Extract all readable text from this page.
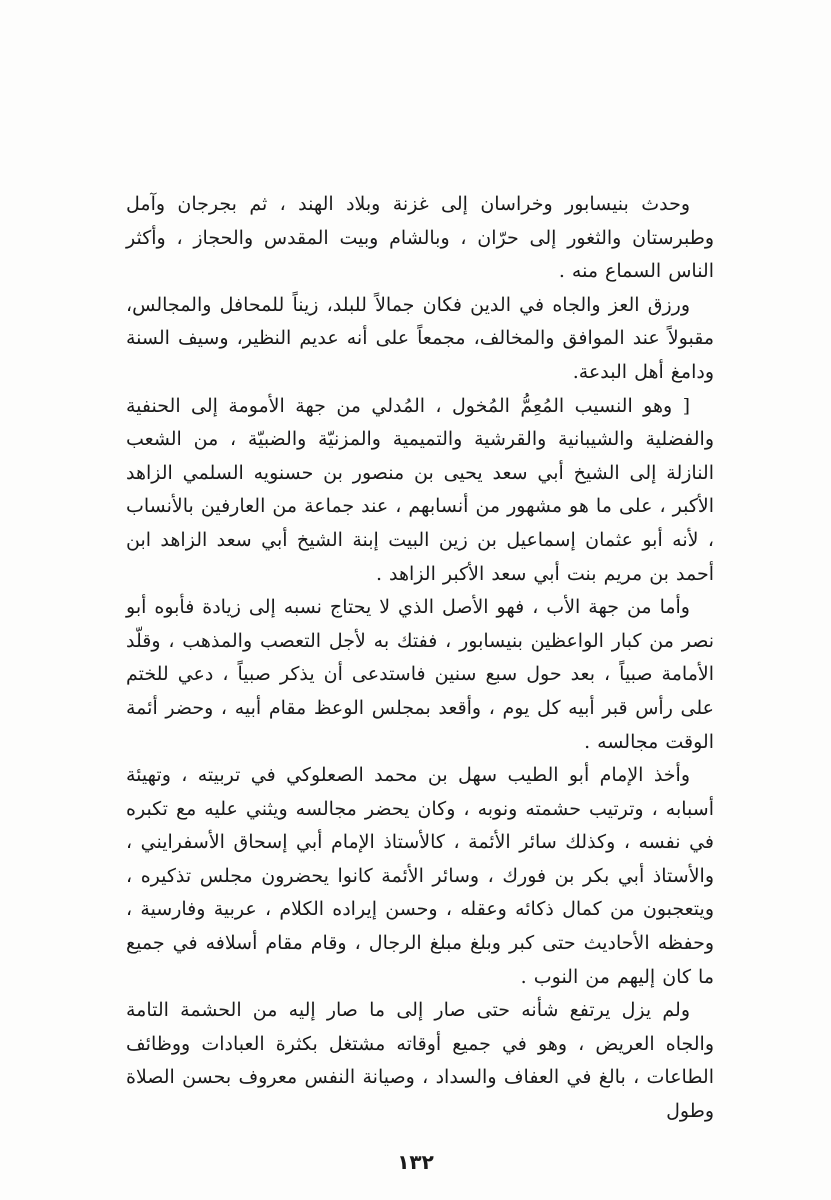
وحدث بنيسابور وخراسان إلى غزنة وبلاد الهند ، ثم بجرجان وآمل وطبرستان والثغور إلى حرّان ، وبالشام وبيت المقدس والحجاز ، وأكثر الناس السماع منه .

ورزق العز والجاه في الدين فكان جمالاً للبلد، زيناً للمحافل والمجالس، مقبولاً عند الموافق والمخالف، مجمعاً على أنه عديم النظير، وسيف السنة ودامغ أهل البدعة.

[ وهو النسيب المُعِمُّ المُخول ، المُدلي من جهة الأمومة إلى الحنفية والفضلية والشيبانية والقرشية والتميمية والمزنيّة والضبيّة ، من الشعب النازلة إلى الشيخ أبي سعد يحيى بن منصور بن حسنويه السلمي الزاهد الأكبر ، على ما هو مشهور من أنسابهم ، عند جماعة من العارفين بالأنساب ، لأنه أبو عثمان إسماعيل بن زين البيت إبنة الشيخ أبي سعد الزاهد ابن أحمد بن مريم بنت أبي سعد الأكبر الزاهد .

وأما من جهة الأب ، فهو الأصل الذي لا يحتاج نسبه إلى زيادة فأبوه أبو نصر من كبار الواعظين بنيسابور ، ففتك به لأجل التعصب والمذهب ، وقلّد الأمامة صبياً ، بعد حول سبع سنين فاستدعى أن يذكر صبياً ، دعي للختم على رأس قبر أبيه كل يوم ، وأقعد بمجلس الوعظ مقام أبيه ، وحضر أئمة الوقت مجالسه .

وأخذ الإمام أبو الطيب سهل بن محمد الصعلوكي في تربيته ، وتهيئة أسبابه ، وترتيب حشمته ونوبه ، وكان يحضر مجالسه ويثني عليه مع تكبره في نفسه ، وكذلك سائر الأئمة ، كالأستاذ الإمام أبي إسحاق الأسفرايني ، والأستاذ أبي بكر بن فورك ، وسائر الأئمة كانوا يحضرون مجلس تذكيره ، ويتعجبون من كمال ذكائه وعقله ، وحسن إيراده الكلام ، عربية وفارسية ، وحفظه الأحاديث حتى كبر وبلغ مبلغ الرجال ، وقام مقام أسلافه في جميع ما كان إليهم من النوب .

ولم يزل يرتفع شأنه حتى صار إلى ما صار إليه من الحشمة التامة والجاه العريض ، وهو في جميع أوقاته مشتغل بكثرة العبادات ووظائف الطاعات ، بالغ في العفاف والسداد ، وصيانة النفس معروف بحسن الصلاة وطول

١٣٢
